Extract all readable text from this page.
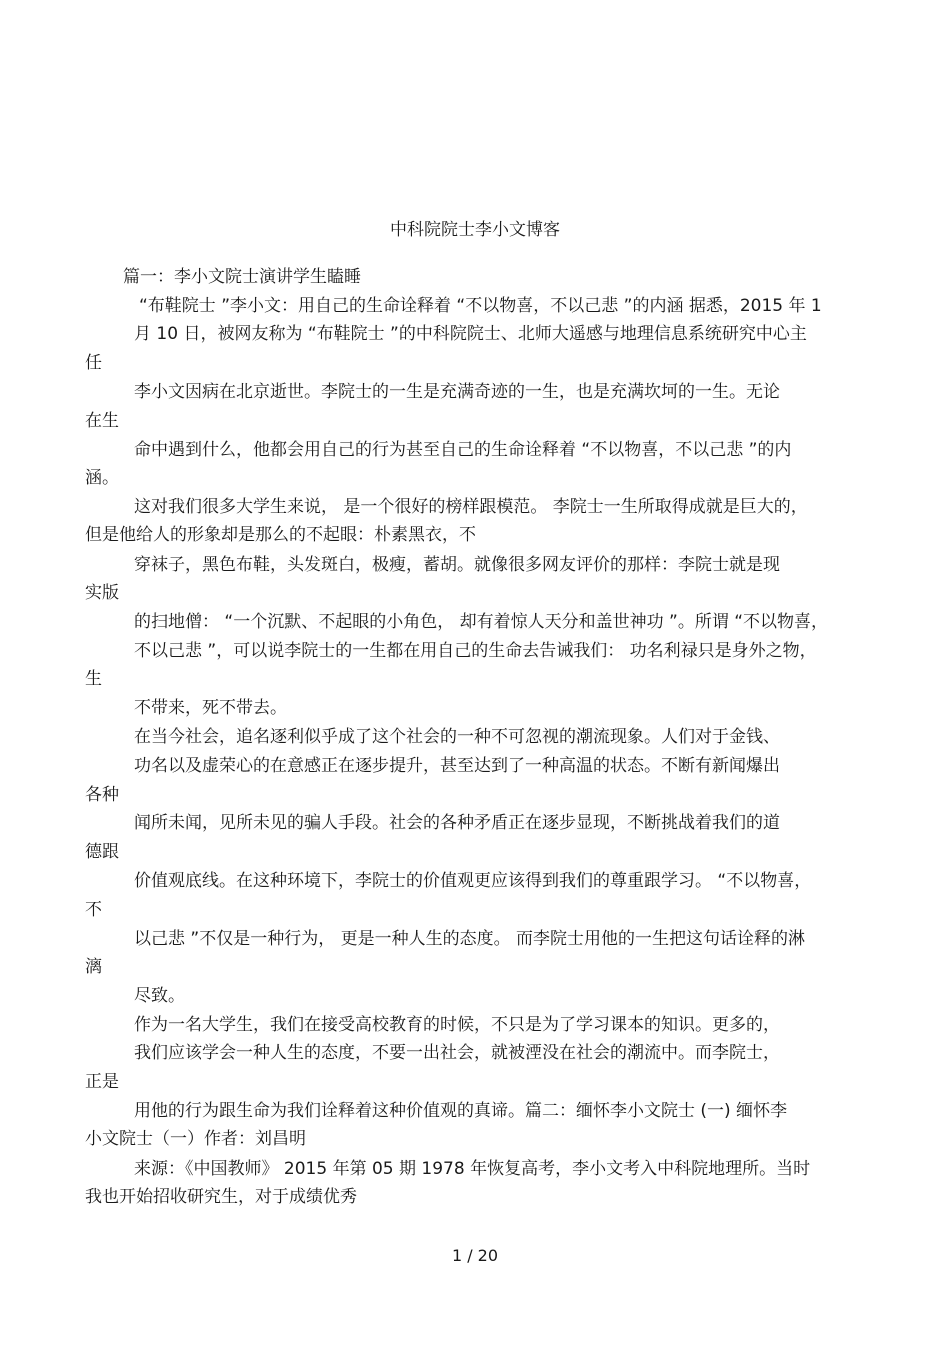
中科院院士李小文博客
篇一：李小文院士演讲学生瞌睡
“布鞋院士 ”李小文：用自己的生命诠释着 “不以物喜，不以己悲 ”的内涵 据悉，2015 年 1
月 10 日，被网友称为 “布鞋院士 ”的中科院院士、北师大遥感与地理信息系统研究中心主
任
李小文因病在北京逝世。李院士的一生是充满奇迹的一生，也是充满坎坷的一生。无论
在生
命中遇到什么，他都会用自己的行为甚至自己的生命诠释着 “不以物喜，不以己悲 ”的内
涵。
这对我们很多大学生来说， 是一个很好的榜样跟模范。 李院士一生所取得成就是巨大的，
但是他给人的形象却是那么的不起眼：朴素黑衣，不
穿袜子，黑色布鞋，头发斑白，极瘦，蓄胡。就像很多网友评价的那样：李院士就是现
实版
的扫地僧： “一个沉默、不起眼的小角色， 却有着惊人天分和盖世神功 ”。所谓 “不以物喜，
不以己悲 ”，可以说李院士的一生都在用自己的生命去告诫我们： 功名利禄只是身外之物，
生
不带来，死不带去。
在当今社会，追名逐利似乎成了这个社会的一种不可忽视的潮流现象。人们对于金钱、
功名以及虚荣心的在意感正在逐步提升，甚至达到了一种高温的状态。不断有新闻爆出
各种
闻所未闻，见所未见的骗人手段。社会的各种矛盾正在逐步显现，不断挑战着我们的道
德跟
价值观底线。在这种环境下，李院士的价值观更应该得到我们的尊重跟学习。 “不以物喜，
不
以己悲 ”不仅是一种行为， 更是一种人生的态度。 而李院士用他的一生把这句话诠释的淋
漓
尽致。
作为一名大学生，我们在接受高校教育的时候，不只是为了学习课本的知识。更多的，
我们应该学会一种人生的态度，不要一出社会，就被湮没在社会的潮流中。而李院士，
正是
用他的行为跟生命为我们诠释着这种价值观的真谛。篇二：缅怀李小文院士 (一) 缅怀李
小文院士（一）作者：刘昌明
来源：《中国教师》 2015 年第 05 期 1978 年恢复高考，李小文考入中科院地理所。当时
我也开始招收研究生，对于成绩优秀
1 / 20
